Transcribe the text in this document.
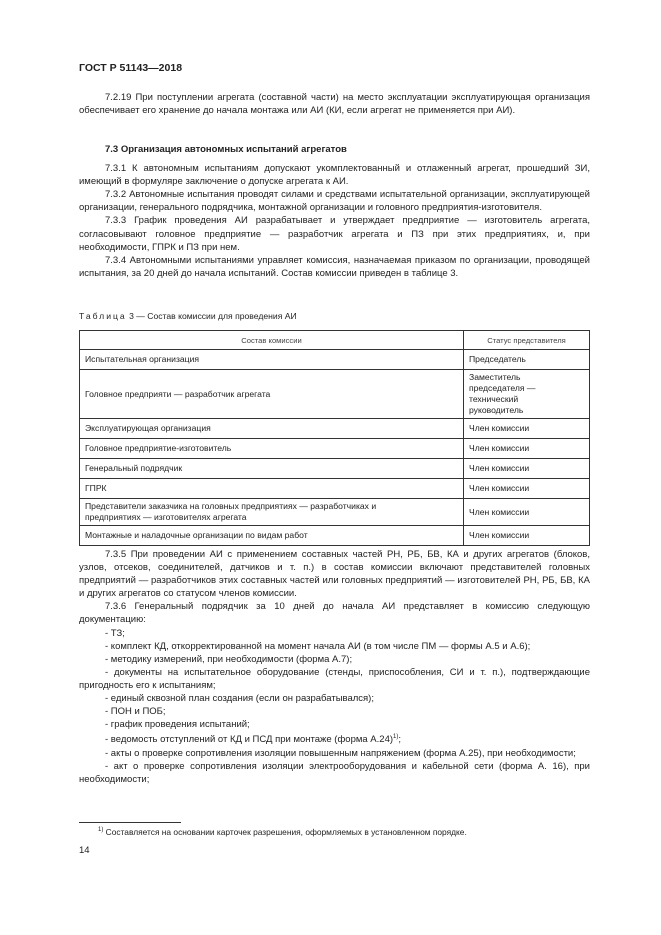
ГОСТ Р 51143—2018

7.2.19 При поступлении агрегата (составной части) на место эксплуатации эксплуатирующая организация обеспечивает его хранение до начала монтажа или АИ (КИ, если агрегат не применяется при АИ).

7.3 Организация автономных испытаний агрегатов

7.3.1 К автономным испытаниям допускают укомплектованный и отлаженный агрегат, прошедший ЗИ, имеющий в формуляре заключение о допуске агрегата к АИ.

7.3.2 Автономные испытания проводят силами и средствами испытательной организации, эксплуатирующей организации, генерального подрядчика, монтажной организации и головного предприятия-изготовителя.

7.3.3 График проведения АИ разрабатывает и утверждает предприятие — изготовитель агрегата, согласовывают головное предприятие — разработчик агрегата и ПЗ при этих предприятиях, и, при необходимости, ГПРК и ПЗ при нем.

7.3.4 Автономными испытаниями управляет комиссия, назначаемая приказом по организации, проводящей испытания, за 20 дней до начала испытаний. Состав комиссии приведен в таблице 3.

Таблица 3 — Состав комиссии для проведения АИ
Состав комиссии	Статус представителя
Испытательная организация	Председатель
Головное предприяти — разработчик агрегата	Заместитель председателя — технический руководитель
Эксплуатирующая организация	Член комиссии
Головное предприятие-изготовитель	Член комиссии
Генеральный подрядчик	Член комиссии
ГПРК	Член комиссии
Представители заказчика на головных предприятиях — разработчиках и предприятиях — изготовителях агрегата	Член комиссии
Монтажные и наладочные организации по видам работ	Член комиссии

7.3.5 При проведении АИ с применением составных частей РН, РБ, БВ, КА и других агрегатов (блоков, узлов, отсеков, соединителей, датчиков и т. п.) в состав комиссии включают представителей головных предприятий — разработчиков этих составных частей или головных предприятий — изготовителей РН, РБ, БВ, КА и других агрегатов со статусом членов комиссии.

7.3.6 Генеральный подрядчик за 10 дней до начала АИ представляет в комиссию следующую документацию:

- ТЗ;

- комплект КД, откорректированной на момент начала АИ (в том числе ПМ — формы А.5 и А.6);

- методику измерений, при необходимости (форма А.7);

- документы на испытательное оборудование (стенды, приспособления, СИ и т. п.), подтверждающие пригодность его к испытаниям;

- единый сквозной план создания (если он разрабатывался);

- ПОН и ПОБ;

- график проведения испытаний;

- ведомость отступлений от КД и ПСД при монтаже (форма А.24)$^{1)}$;

- акты о проверке сопротивления изоляции повышенным напряжением (форма А.25), при необходимости;

- акт о проверке сопротивления изоляции электрооборудования и кабельной сети (форма А. 16), при необходимости;

$^{1)}$ Составляется на основании карточек разрешения, оформляемых в установленном порядке.
14
